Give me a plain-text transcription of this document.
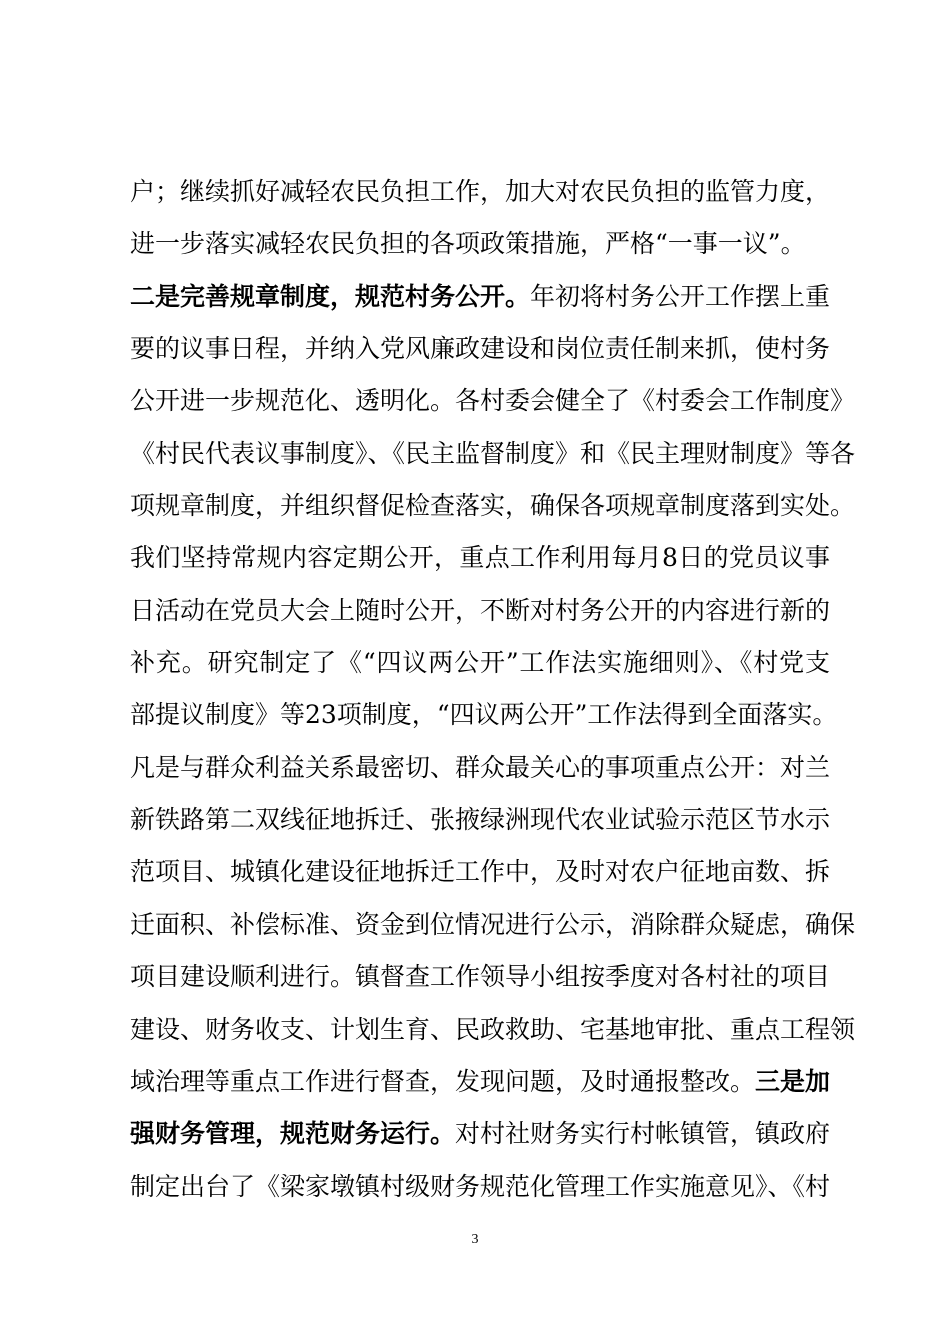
户；继续抓好减轻农民负担工作，加大对农民负担的监管力度，
进一步落实减轻农民负担的各项政策措施，严格“一事一议”。
二是完善规章制度，规范村务公开。年初将村务公开工作摆上重
要的议事日程，并纳入党风廉政建设和岗位责任制来抓，使村务
公开进一步规范化、透明化。各村委会健全了《村委会工作制度》
《村民代表议事制度》、《民主监督制度》和《民主理财制度》等各
项规章制度，并组织督促检查落实，确保各项规章制度落到实处。
我们坚持常规内容定期公开，重点工作利用每月8日的党员议事
日活动在党员大会上随时公开，不断对村务公开的内容进行新的
补充。研究制定了《“四议两公开”工作法实施细则》、《村党支
部提议制度》等23项制度，“四议两公开”工作法得到全面落实。
凡是与群众利益关系最密切、群众最关心的事项重点公开：对兰
新铁路第二双线征地拆迁、张掖绿洲现代农业试验示范区节水示
范项目、城镇化建设征地拆迁工作中，及时对农户征地亩数、拆
迁面积、补偿标准、资金到位情况进行公示，消除群众疑虑，确保
项目建设顺利进行。镇督查工作领导小组按季度对各村社的项目
建设、财务收支、计划生育、民政救助、宅基地审批、重点工程领
域治理等重点工作进行督查，发现问题，及时通报整改。三是加
强财务管理，规范财务运行。对村社财务实行村帐镇管，镇政府
制定出台了《梁家墩镇村级财务规范化管理工作实施意见》、《村
3
